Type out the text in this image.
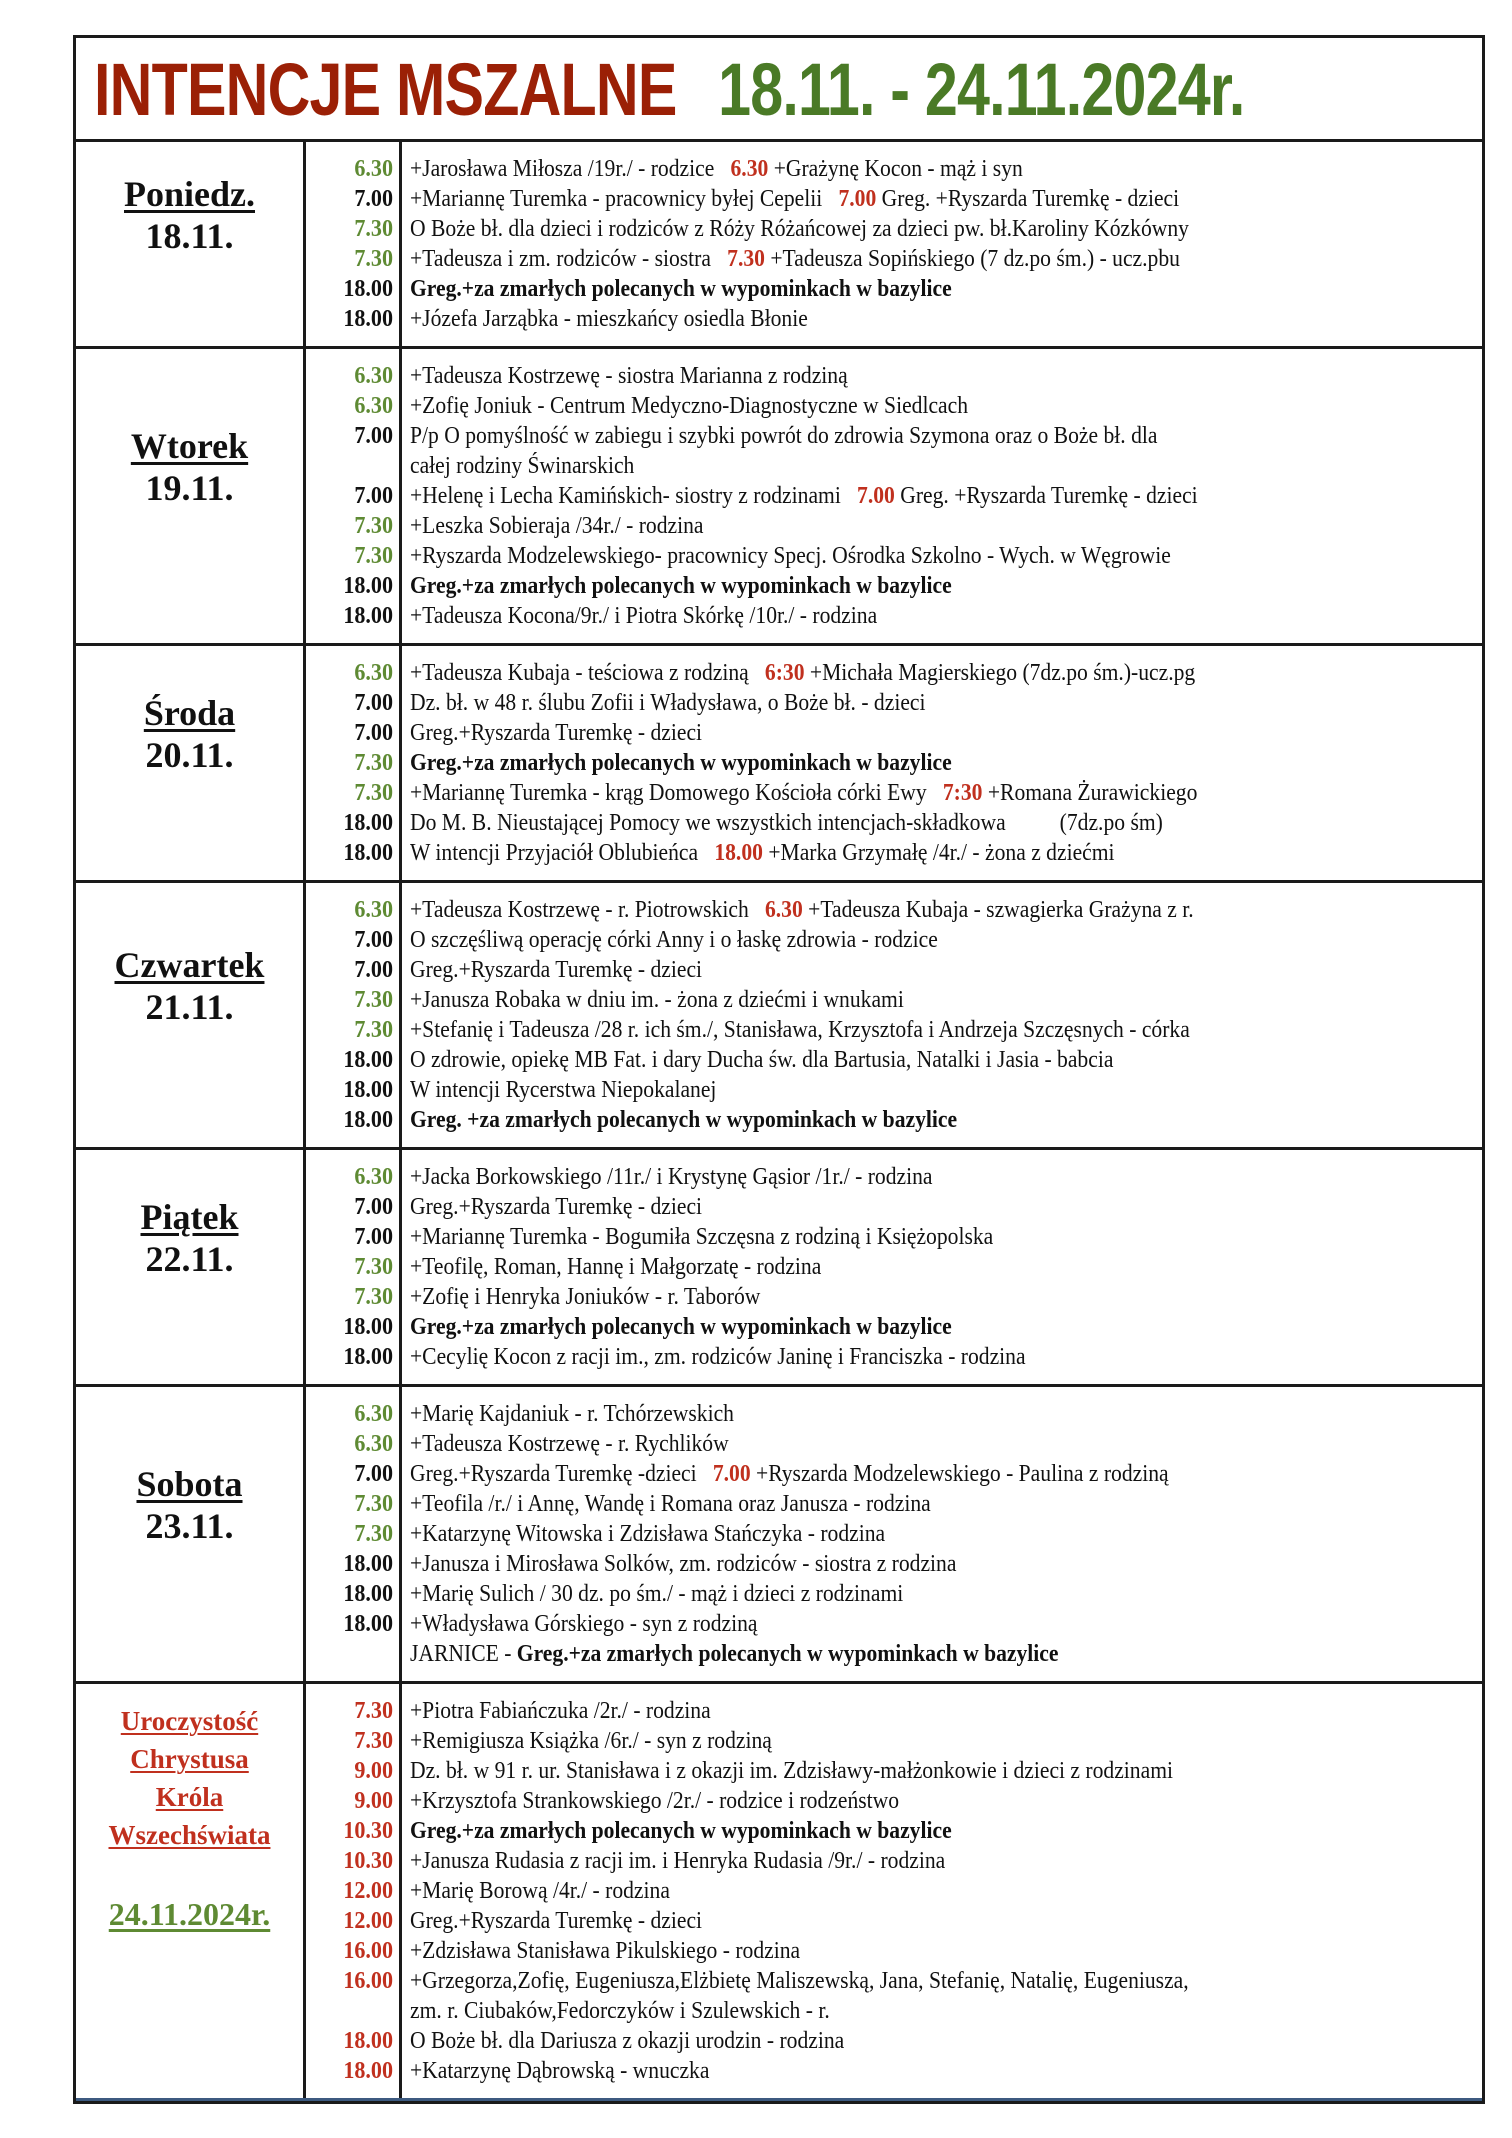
INTENCJE MSZALNE 18.11. - 24.11.2024r.
Poniedz.
18.11.
6.30
7.00
7.30
7.30
18.00
18.00
+Jarosława Miłosza /19r./ - rodzice 6.30 +Grażynę Kocon - mąż i syn
+Mariannę Turemka - pracownicy byłej Cepelii 7.00 Greg. +Ryszarda Turemkę - dzieci
O Boże bł. dla dzieci i rodziców z Róży Różańcowej za dzieci pw. bł.Karoliny Kózkówny
+Tadeusza i zm. rodziców - siostra 7.30 +Tadeusza Sopińskiego (7 dz.po śm.) - ucz.pbu
Greg.+za zmarłych polecanych w wypominkach w bazylice
+Józefa Jarząbka - mieszkańcy osiedla Błonie
Wtorek
19.11.
6.30
6.30
7.00
7.00
7.30
7.30
18.00
18.00
+Tadeusza Kostrzewę - siostra Marianna z rodziną
+Zofię Joniuk - Centrum Medyczno-Diagnostyczne w Siedlcach
P/p O pomyślność w zabiegu i szybki powrót do zdrowia Szymona oraz o Boże bł. dla
całej rodziny Świnarskich
+Helenę i Lecha Kamińskich- siostry z rodzinami 7.00 Greg. +Ryszarda Turemkę - dzieci
+Leszka Sobieraja /34r./ - rodzina
+Ryszarda Modzelewskiego- pracownicy Specj. Ośrodka Szkolno - Wych. w Węgrowie
Greg.+za zmarłych polecanych w wypominkach w bazylice
+Tadeusza Kocona/9r./ i Piotra Skórkę /10r./ - rodzina
Środa
20.11.
6.30
7.00
7.00
7.30
7.30
18.00
18.00
+Tadeusza Kubaja - teściowa z rodziną 6:30 +Michała Magierskiego (7dz.po śm.)-ucz.pg
Dz. bł. w 48 r. ślubu Zofii i Władysława, o Boże bł. - dzieci
Greg.+Ryszarda Turemkę - dzieci
Greg.+za zmarłych polecanych w wypominkach w bazylice
+Mariannę Turemka - krąg Domowego Kościoła córki Ewy 7:30 +Romana Żurawickiego
Do M. B. Nieustającej Pomocy we wszystkich intencjach-składkowa (7dz.po śm)
W intencji Przyjaciół Oblubieńca 18.00 +Marka Grzymałę /4r./ - żona z dziećmi
Czwartek
21.11.
6.30
7.00
7.00
7.30
7.30
18.00
18.00
18.00
+Tadeusza Kostrzewę - r. Piotrowskich 6.30 +Tadeusza Kubaja - szwagierka Grażyna z r.
O szczęśliwą operację córki Anny i o łaskę zdrowia - rodzice
Greg.+Ryszarda Turemkę - dzieci
+Janusza Robaka w dniu im. - żona z dziećmi i wnukami
+Stefanię i Tadeusza /28 r. ich śm./, Stanisława, Krzysztofa i Andrzeja Szczęsnych - córka
O zdrowie, opiekę MB Fat. i dary Ducha św. dla Bartusia, Natalki i Jasia - babcia
W intencji Rycerstwa Niepokalanej
Greg. +za zmarłych polecanych w wypominkach w bazylice
Piątek
22.11.
6.30
7.00
7.00
7.30
7.30
18.00
18.00
+Jacka Borkowskiego /11r./ i Krystynę Gąsior /1r./ - rodzina
Greg.+Ryszarda Turemkę - dzieci
+Mariannę Turemka - Bogumiła Szczęsna z rodziną i Księżopolska
+Teofilę, Roman, Hannę i Małgorzatę - rodzina
+Zofię i Henryka Joniuków - r. Taborów
Greg.+za zmarłych polecanych w wypominkach w bazylice
+Cecylię Kocon z racji im., zm. rodziców Janinę i Franciszka - rodzina
Sobota
23.11.
6.30
6.30
7.00
7.30
7.30
18.00
18.00
18.00
+Marię Kajdaniuk - r. Tchórzewskich
+Tadeusza Kostrzewę - r. Rychlików
Greg.+Ryszarda Turemkę -dzieci 7.00 +Ryszarda Modzelewskiego - Paulina z rodziną
+Teofila /r./ i Annę, Wandę i Romana oraz Janusza - rodzina
+Katarzynę Witowska i Zdzisława Stańczyka - rodzina
+Janusza i Mirosława Solków, zm. rodziców - siostra z rodzina
+Marię Sulich / 30 dz. po śm./ - mąż i dzieci z rodzinami
+Władysława Górskiego - syn z rodziną
JARNICE - Greg.+za zmarłych polecanych w wypominkach w bazylice
Uroczystość
Chrystusa
Króla
Wszechświata
24.11.2024r.
7.30
7.30
9.00
9.00
10.30
10.30
12.00
12.00
16.00
16.00
18.00
18.00
+Piotra Fabiańczuka /2r./ - rodzina
+Remigiusza Książka /6r./ - syn z rodziną
Dz. bł. w 91 r. ur. Stanisława i z okazji im. Zdzisławy-małżonkowie i dzieci z rodzinami
+Krzysztofa Strankowskiego /2r./ - rodzice i rodzeństwo
Greg.+za zmarłych polecanych w wypominkach w bazylice
+Janusza Rudasia z racji im. i Henryka Rudasia /9r./ - rodzina
+Marię Borową /4r./ - rodzina
Greg.+Ryszarda Turemkę - dzieci
+Zdzisława Stanisława Pikulskiego - rodzina
+Grzegorza,Zofię, Eugeniusza,Elżbietę Maliszewską, Jana, Stefanię, Natalię, Eugeniusza,
zm. r. Ciubaków,Fedorczyków i Szulewskich - r.
O Boże bł. dla Dariusza z okazji urodzin - rodzina
+Katarzynę Dąbrowską - wnuczka
